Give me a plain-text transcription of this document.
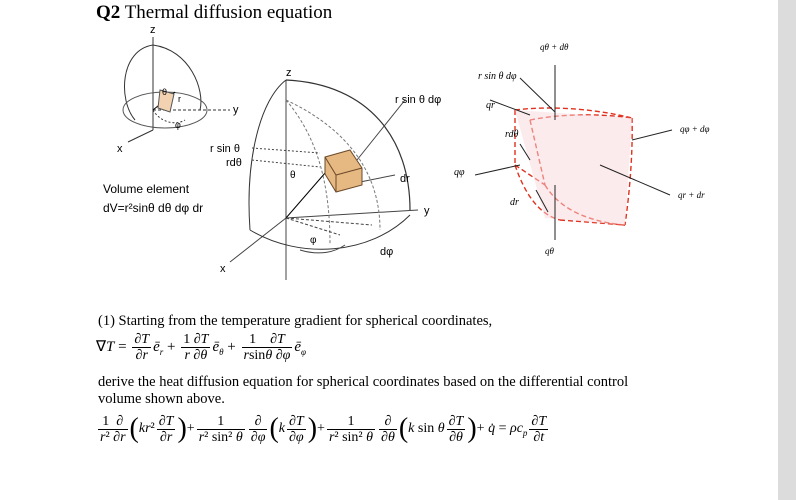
Q2 Thermal diffusion equation
z
y
x
θ
r
φ
z
y
x
r sin θ
rdθ
r sin θ dφ
dr
dφ
θ
φ
Volume element
dV=r²sinθ dθ dφ dr
qθ + dθ
r sin θ dφ
qr
rdθ	qφ + dφ
qφ
qr + dr
dr
qθ
(1) Starting from the temperature gradient for spherical coordinates,
$\nabla T = \frac{\partial T}{\partial r}$ $ē_r + \frac{1 \partial T}{r \partial\theta}$ $ē_\theta + \frac{1 \partial T}{rsin\theta \partial\varphi}$ $ē_\varphi$
derive the heat diffusion equation for spherical coordinates based on the differential control
volume shown above.
$\frac{1 \partial}{\text{r² ∂r}} (kr^2 \frac{\partial T}{\partial r}$ )+ $\frac{1}{\text{r² sin² θ}} \frac{\partial}{\partial\varphi} (k \frac{\partial T}{\partial\varphi}$ )+ $\frac{1}{\text{r² sin² θ}} \frac{\partial}{\partial\theta} (k$ sin θ $\frac{\partial T}{\partial\theta}$ )+ q̇ = $\rho c_p \frac{\partial T}{\partial t}$
